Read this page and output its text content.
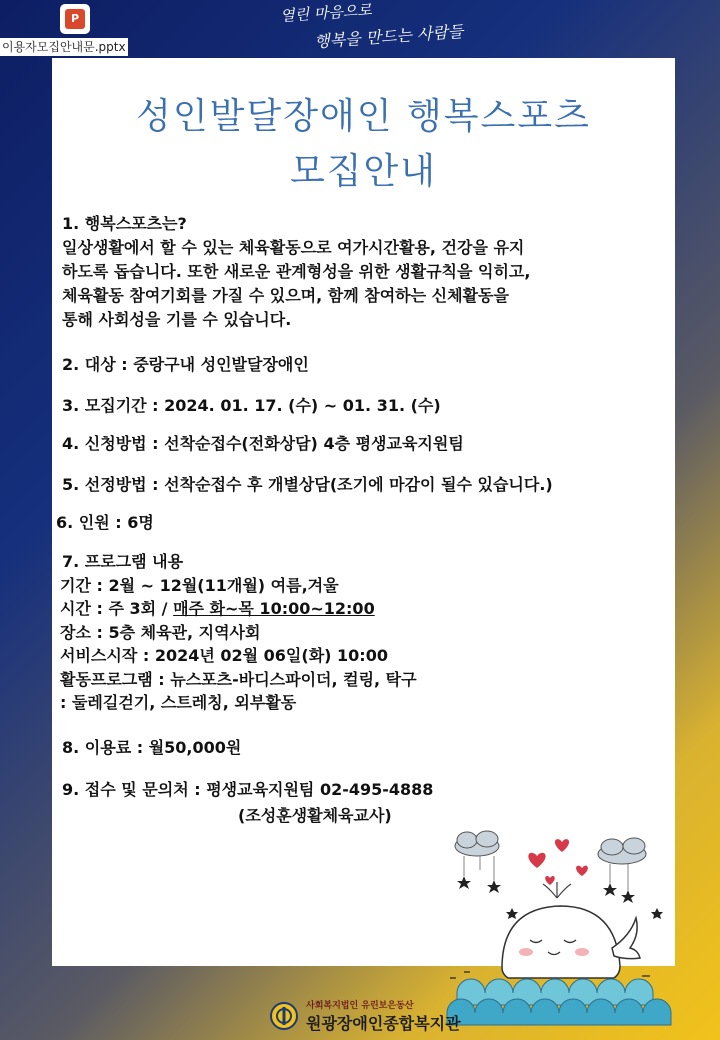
P
이용자모집안내문.pptx
열린 마음으로
행복을 만드는 사람들
성인발달장애인 행복스포츠
모집안내
1. 행복스포츠는?
일상생활에서 할 수 있는 체육활동으로 여가시간활용, 건강을 유지
하도록 돕습니다. 또한 새로운 관계형성을 위한 생활규칙을 익히고,
체육활동 참여기회를 가질 수 있으며, 함께 참여하는 신체활동을
통해 사회성을 기를 수 있습니다.
2. 대상 : 중랑구내 성인발달장애인
3. 모집기간 : 2024. 01. 17. (수) ~ 01. 31. (수)
4. 신청방법 : 선착순접수(전화상담) 4층 평생교육지원팀
5. 선정방법 : 선착순접수 후 개별상담(조기에 마감이 될수 있습니다.)
6. 인원 : 6명
7. 프로그램 내용
기간 : 2월 ~ 12월(11개월) 여름,겨울
시간 : 주 3회 / 매주 화~목 10:00~12:00
장소 : 5층 체육관, 지역사회
서비스시작 : 2024년 02월 06일(화) 10:00
활동프로그램 : 뉴스포츠-바디스파이더, 컬링, 탁구
: 둘레길걷기, 스트레칭, 외부활동
8. 이용료 : 월50,000원
9. 접수 및 문의처 : 평생교육지원팀 02-495-4888
(조성훈생활체육교사)
사회복지법인 유린보은동산
원광장애인종합복지관
